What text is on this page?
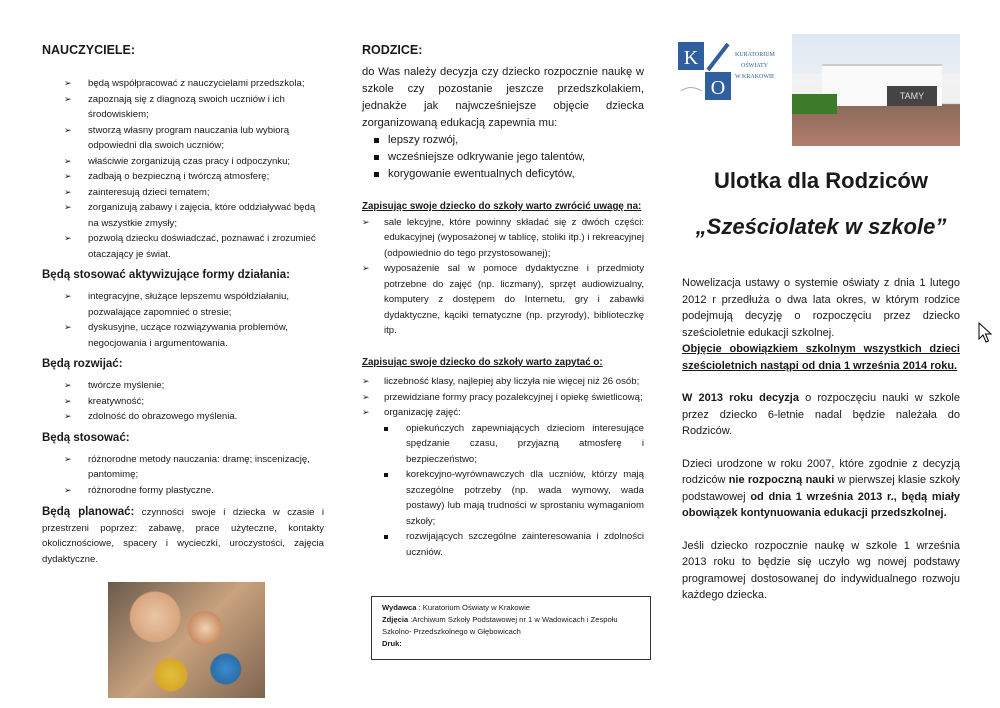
NAUCZYCIELE:
➢ będą współpracować z nauczycielami przedszkola;
➢ zapoznają się z diagnozą swoich uczniów i ich środowiskiem;
➢ stworzą własny program nauczania lub wybiorą odpowiedni dla swoich uczniów;
➢ właściwie zorganizują czas pracy i odpoczynku;
➢ zadbają o bezpieczną i twórczą atmosferę;
➢ zainteresują dzieci tematem;
➢ zorganizują zabawy i zajęcia, które oddziaływać będą na wszystkie zmysły;
➢ pozwolą dziecku doświadczać, poznawać i zrozumieć otaczający je świat.
Będą stosować aktywizujące formy działania:
➢ integracyjne, służące lepszemu współdziałaniu, pozwalające zapomnieć o stresie;
➢ dyskusyjne, uczące rozwiązywania problemów, negocjowania i argumentowania.
Będą rozwijać:
➢ twórcze myślenie;
➢ kreatywność;
➢ zdolność do obrazowego myślenia.
Będą stosować:
➢ różnorodne metody nauczania: dramę; inscenizację, pantomimę;
➢ różnorodne formy plastyczne.

Będą planować: czynności swoje i dziecka w czasie i przestrzeni poprzez: zabawę, prace użyteczne, kontakty okolicznościowe, spacery i wycieczki, uroczystości, zajęcia dydaktyczne.

RODZICE:

do Was należy decyzja czy dziecko rozpocznie naukę w szkole czy pozostanie jeszcze przedszkolakiem, jednakże jak najwcześniejsze objęcie dziecka zorganizowaną edukacją zapewnia mu:

lepszy rozwój,
wcześniejsze odkrywanie jego talentów,
korygowanie ewentualnych deficytów,
Zapisując swoje dziecko do szkoły warto zwrócić uwagę na:
➢ sale lekcyjne, które powinny składać się z dwóch części: edukacyjnej (wyposażonej w tablicę, stoliki itp.) i rekreacyjnej (odpowiednio do tego przystosowanej);
➢ wyposażenie sal w pomoce dydaktyczne i przedmioty potrzebne do zajęć (np. liczmany), sprzęt audiowizualny, komputery z dostępem do Internetu, gry i zabawki dydaktyczne, kąciki tematyczne (np. przyrody), biblioteczkę itp.
Zapisując swoje dziecko do szkoły warto zapytać o:
➢ liczebność klasy, najlepiej aby liczyła nie więcej niż 26 osób;
➢ przewidziane formy pracy pozalekcyjnej i opiekę świetlicową;
➢ organizację zajęć:
opiekuńczych zapewniających dzieciom interesujące spędzanie czasu, przyjazną atmosferę i bezpieczeństwo;
korekcyjno-wyrównawczych dla uczniów, którzy mają szczególne potrzeby (np. wada wymowy, wada postawy) lub mają trudności w sprostaniu wymaganiom szkoły;
rozwijających szczególne zainteresowania i zdolności uczniów.
Wydawca : Kuratorium Oświaty w Krakowie
Zdjęcia :Archiwum Szkoły Podstawowej nr 1 w Wadowicach i Zespołu Szkolno- Przedszkolnego w Głębowicach
Druk:
K
O
KURATORIUM
OŚWIATY
W KRAKOWIE
TAMY
Ulotka dla Rodziców
„Sześciolatek w szkole”

Nowelizacja ustawy o systemie oświaty z dnia 1 lutego 2012 r przedłuża o dwa lata okres, w którym rodzice podejmują decyzję o rozpoczęciu przez dziecko sześcioletnie edukacji szkolnej.
Objęcie obowiązkiem szkolnym wszystkich dzieci sześcioletnich nastąpi od dnia 1 września 2014 roku.

W 2013 roku decyzja o rozpoczęciu nauki w szkole przez dziecko 6-letnie nadal będzie należała do Rodziców.

Dzieci urodzone w roku 2007, które zgodnie z decyzją rodziców nie rozpoczną nauki w pierwszej klasie szkoły podstawowej od dnia 1 września 2013 r., będą miały obowiązek kontynuowania edukacji przedszkolnej.

Jeśli dziecko rozpocznie naukę w szkole 1 września 2013 roku to będzie się uczyło wg nowej podstawy programowej dostosowanej do indywidualnego rozwoju każdego dziecka.
